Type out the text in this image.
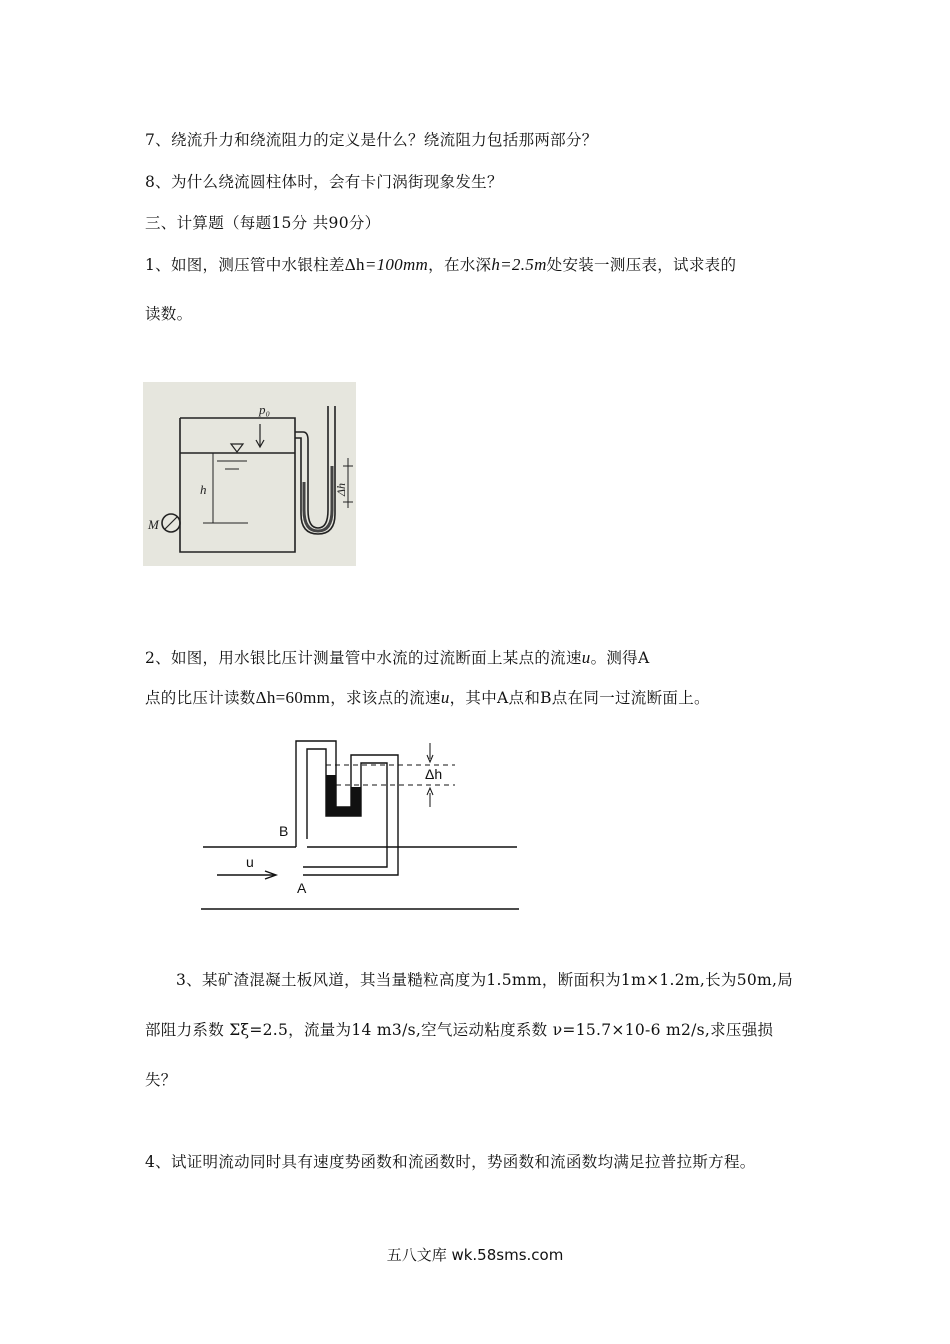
7、绕流升力和绕流阻力的定义是什么？绕流阻力包括那两部分？
8、为什么绕流圆柱体时，会有卡门涡街现象发生？
三、计算题（每题15分 共90分）
1、如图，测压管中水银柱差Δh=100mm，在水深h=2.5m处安装一测压表，试求表的
读数。
p₀
h	Δh
M
2、如图，用水银比压计测量管中水流的过流断面上某点的流速u。测得A
点的比压计读数Δh=60mm，求该点的流速u，其中A点和B点在同一过流断面上。
B
u
A
Δh
3、某矿渣混凝土板风道，其当量糙粒高度为1.5mm，断面积为1m×1.2m,长为50m,局
部阻力系数 Σξ=2.5，流量为14 m3/s,空气运动粘度系数 ν=15.7×10-6 m2/s,求压强损
失？
4、试证明流动同时具有速度势函数和流函数时，势函数和流函数均满足拉普拉斯方程。
五八文库 wk.58sms.com
